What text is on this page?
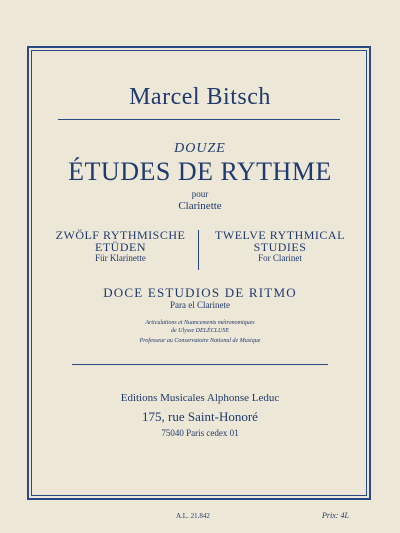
Marcel Bitsch
DOUZE
ÉTUDES DE RYTHME
pour
Clarinette
ZWÖLF RYTHMISCHE
ETÜDEN
Für Klarinette
TWELVE RYTHMICAL
STUDIES
For Clarinet
DOCE ESTUDIOS DE RITMO
Para el Clarinete
Articulations et Nuancements métronomiques
de Ulysse DELÉCLUSE
Professeur au Conservatoire National de Musique
Editions Musicales Alphonse Leduc
175, rue Saint-Honoré
75040 Paris cedex 01
A.L. 21.842	Prix: 4L
